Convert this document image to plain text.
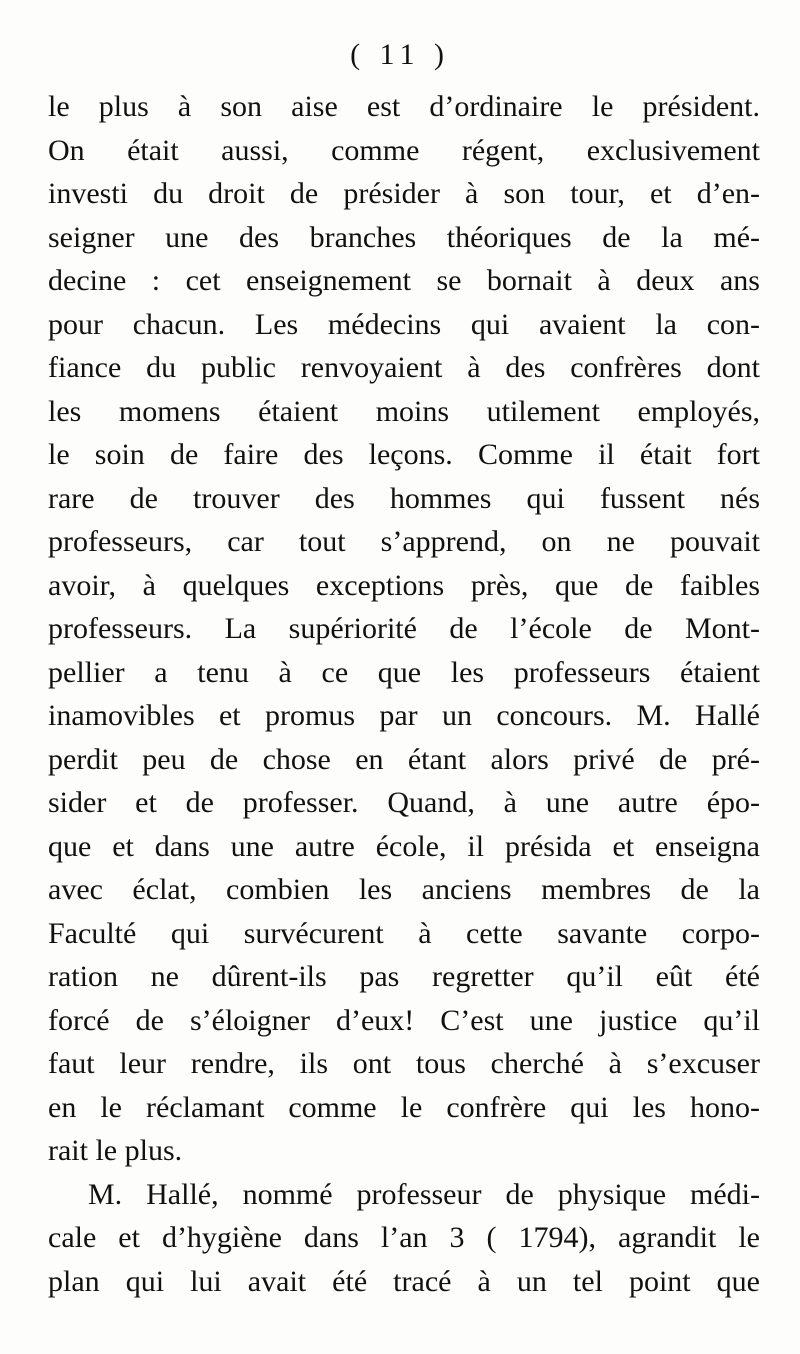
( 11 )
le plus à son aise est d’ordinaire le président.
On était aussi, comme régent, exclusivement
investi du droit de présider à son tour, et d’en-
seigner une des branches théoriques de la mé-
decine : cet enseignement se bornait à deux ans
pour chacun. Les médecins qui avaient la con-
fiance du public renvoyaient à des confrères dont
les momens étaient moins utilement employés,
le soin de faire des leçons. Comme il était fort
rare de trouver des hommes qui fussent nés
professeurs, car tout s’apprend, on ne pouvait
avoir, à quelques exceptions près, que de faibles
professeurs. La supériorité de l’école de Mont-
pellier a tenu à ce que les professeurs étaient
inamovibles et promus par un concours. M. Hallé
perdit peu de chose en étant alors privé de pré-
sider et de professer. Quand, à une autre épo-
que et dans une autre école, il présida et enseigna
avec éclat, combien les anciens membres de la
Faculté qui survécurent à cette savante corpo-
ration ne dûrent-ils pas regretter qu’il eût été
forcé de s’éloigner d’eux! C’est une justice qu’il
faut leur rendre, ils ont tous cherché à s’excuser
en le réclamant comme le confrère qui les hono-
rait le plus.
M. Hallé, nommé professeur de physique médi-
cale et d’hygiène dans l’an 3 ( 1794), agrandit le
plan qui lui avait été tracé à un tel point que
